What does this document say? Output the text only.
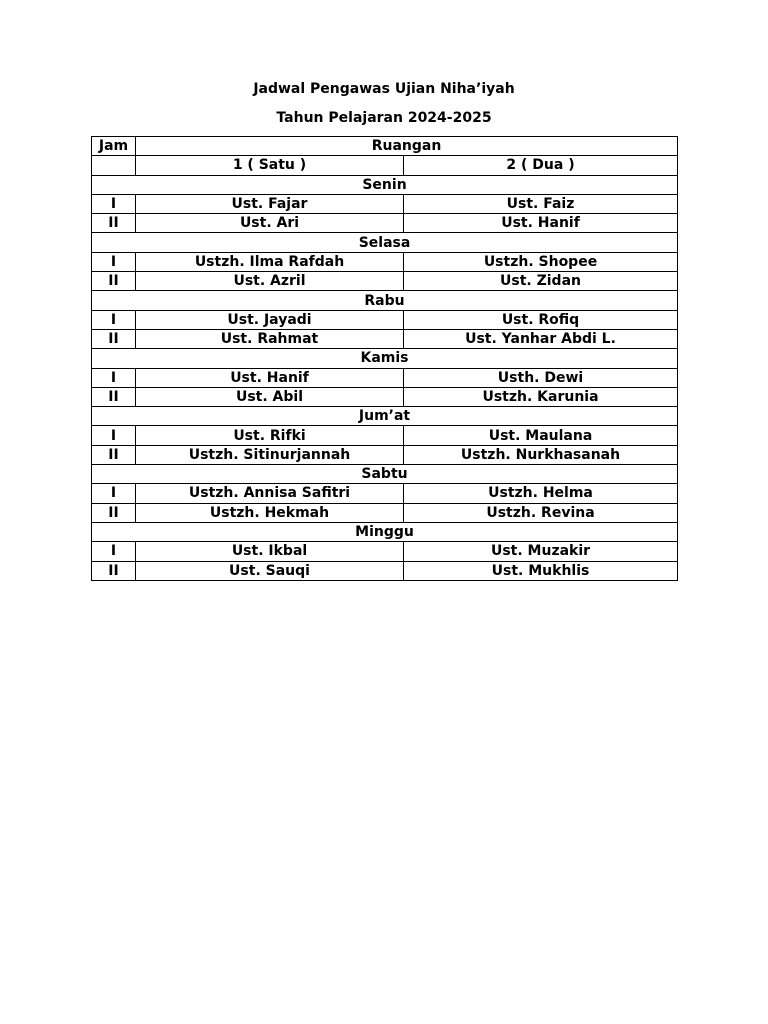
Jadwal Pengawas Ujian Niha’iyah
Tahun Pelajaran 2024-2025
Jam	Ruangan	
	1 ( Satu )	2 ( Dua )
Senin		
I	Ust. Fajar	Ust. Faiz
II	Ust. Ari	Ust. Hanif
Selasa		
I	Ustzh. Ilma Rafdah	Ustzh. Shopee
II	Ust. Azril	Ust. Zidan
Rabu		
I	Ust. Jayadi	Ust. Rofiq
II	Ust. Rahmat	Ust. Yanhar Abdi L.
Kamis		
I	Ust. Hanif	Usth. Dewi
II	Ust. Abil	Ustzh. Karunia
Jum’at		
I	Ust. Rifki	Ust. Maulana
II	Ustzh. Sitinurjannah	Ustzh. Nurkhasanah
Sabtu		
I	Ustzh. Annisa Safitri	Ustzh. Helma
II	Ustzh. Hekmah	Ustzh. Revina
Minggu		
I	Ust. Ikbal	Ust. Muzakir
II	Ust. Sauqi	Ust. Mukhlis
